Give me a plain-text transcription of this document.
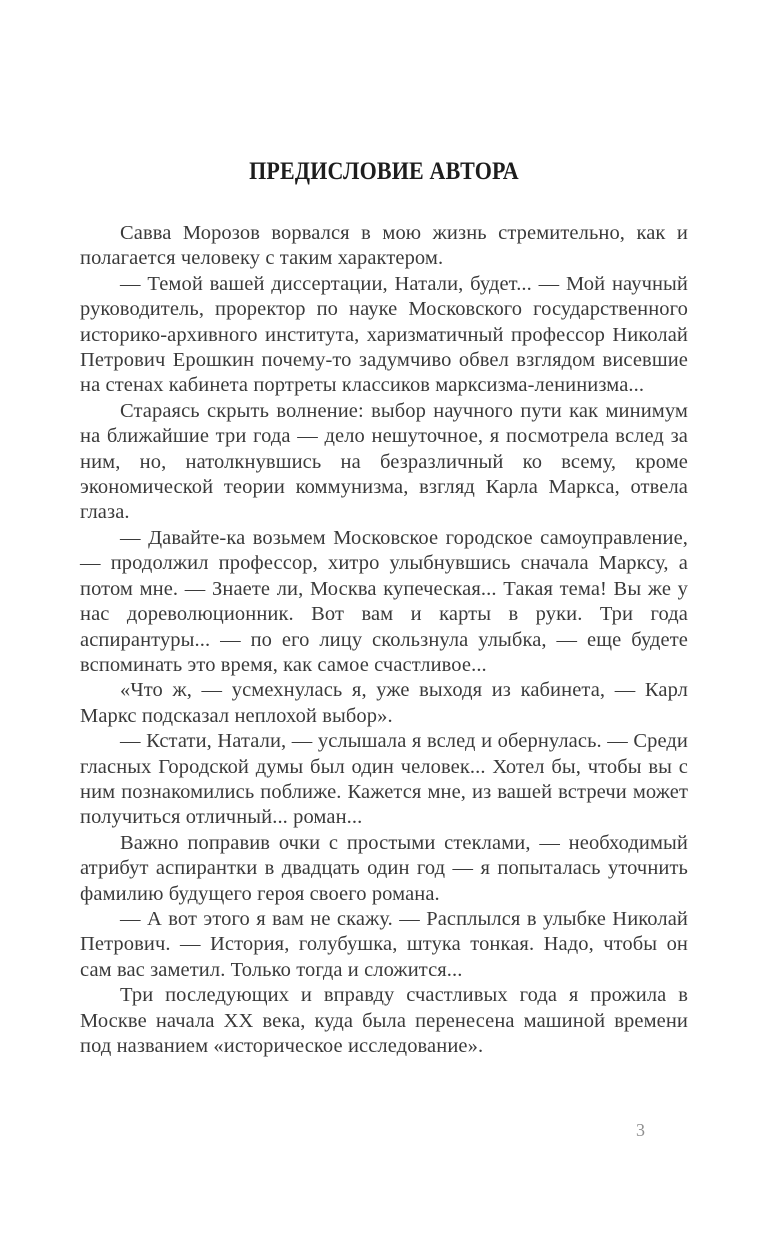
ПРЕДИСЛОВИЕ АВТОРА

Савва Морозов ворвался в мою жизнь стремительно, как и полагается человеку с таким характером.

— Темой вашей диссертации, Натали, будет... — Мой научный руководитель, проректор по науке Московского государственного историко-архивного института, харизматичный профессор Николай Петрович Ерошкин почему-то задумчиво обвел взглядом висевшие на стенах кабинета портреты классиков марксизма-ленинизма...

Стараясь скрыть волнение: выбор научного пути как минимум на ближайшие три года — дело нешуточное, я посмотрела вслед за ним, но, натолкнувшись на безразличный ко всему, кроме экономической теории коммунизма, взгляд Карла Маркса, отвела глаза.

— Давайте-ка возьмем Московское городское самоуправление, — продолжил профессор, хитро улыбнувшись сначала Марксу, а потом мне. — Знаете ли, Москва купеческая... Такая тема! Вы же у нас дореволюционник. Вот вам и карты в руки. Три года аспирантуры... — по его лицу скользнула улыбка, — еще будете вспоминать это время, как самое счастливое...

«Что ж, — усмехнулась я, уже выходя из кабинета, — Карл Маркс подсказал неплохой выбор».

— Кстати, Натали, — услышала я вслед и обернулась. — Среди гласных Городской думы был один человек... Хотел бы, чтобы вы с ним познакомились поближе. Кажется мне, из вашей встречи может получиться отличный... роман...

Важно поправив очки с простыми стеклами, — необходимый атрибут аспирантки в двадцать один год — я попыталась уточнить фамилию будущего героя своего романа.

— А вот этого я вам не скажу. — Расплылся в улыбке Николай Петрович. — История, голубушка, штука тонкая. Надо, чтобы он сам вас заметил. Только тогда и сложится...

Три последующих и вправду счастливых года я прожила в Москве начала XX века, куда была перенесена машиной времени под названием «историческое исследование».

3
